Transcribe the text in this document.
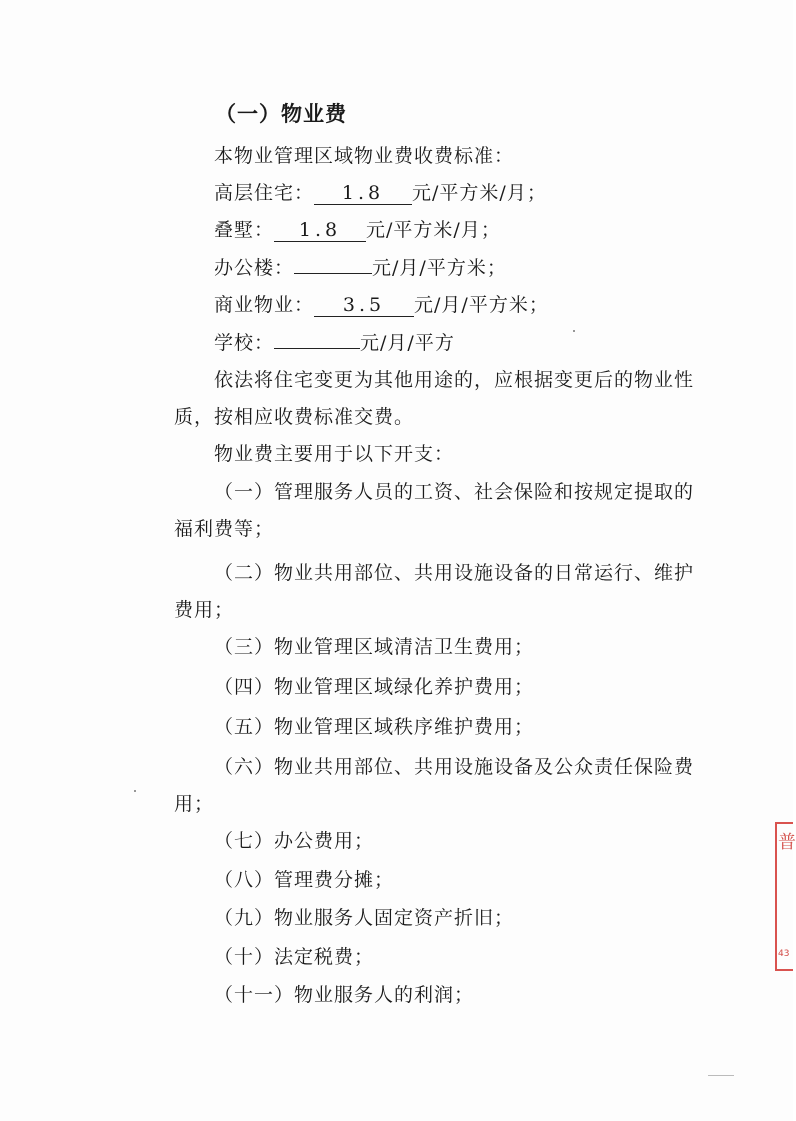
（一）物业费
本物业管理区域物业费收费标准：
高层住宅： 1.8 元/平方米/月；
叠墅： 1.8 元/平方米/月；
办公楼：	元/月/平方米；
商业物业： 3.5 元/月/平方米；
学校：	元/月/平方
依法将住宅变更为其他用途的，应根据变更后的物业性
质，按相应收费标准交费。
物业费主要用于以下开支：
（一）管理服务人员的工资、社会保险和按规定提取的
福利费等；
（二）物业共用部位、共用设施设备的日常运行、维护
费用；
（三）物业管理区域清洁卫生费用；
（四）物业管理区域绿化养护费用；
（五）物业管理区域秩序维护费用；
（六）物业共用部位、共用设施设备及公众责任保险费
用；
（七）办公费用；
（八）管理费分摊；
（九）物业服务人固定资产折旧；
（十）法定税费；
（十一）物业服务人的利润；
普
43
